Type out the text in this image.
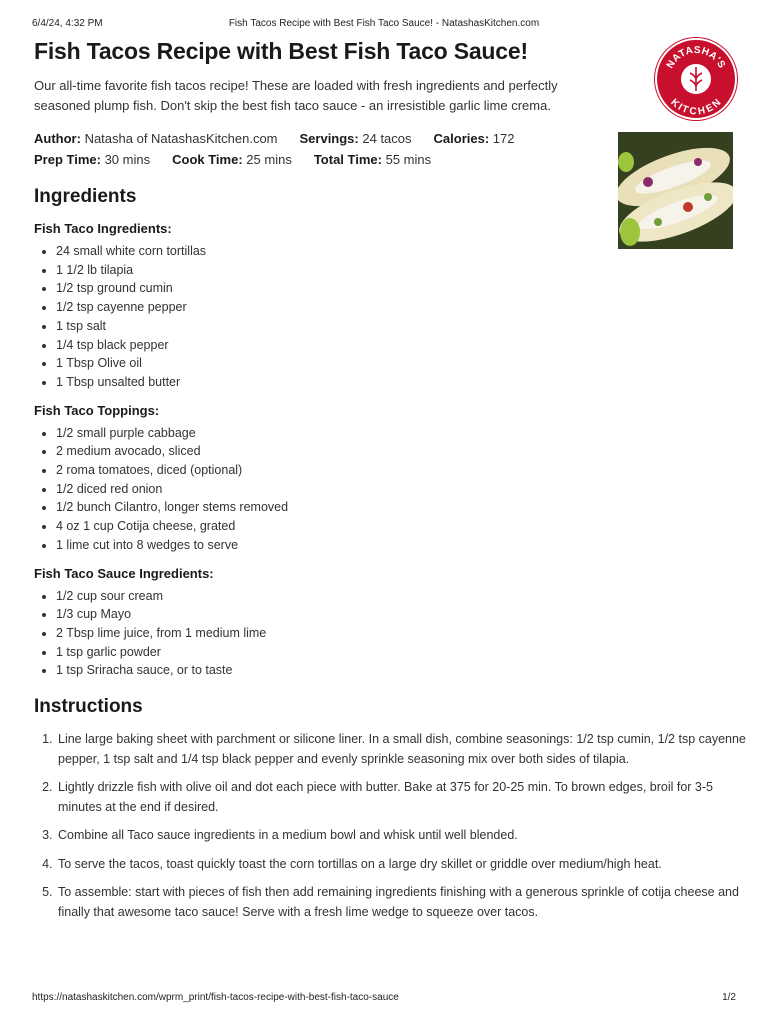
6/4/24, 4:32 PM	Fish Tacos Recipe with Best Fish Taco Sauce! - NatashasKitchen.com
NATASHA'S
KITCHEN
Fish Tacos Recipe with Best Fish Taco Sauce!
Our all-time favorite fish tacos recipe! These are loaded with fresh ingredients and perfectly seasoned plump fish. Don't skip the best fish taco sauce - an irresistible garlic lime crema.
Author: Natasha of NatashasKitchen.com Servings: 24 tacos Calories: 172
Prep Time: 30 mins Cook Time: 25 mins Total Time: 55 mins
Ingredients
Fish Taco Ingredients:
• 24 small white corn tortillas
• 1 1/2 lb tilapia
• 1/2 tsp ground cumin
• 1/2 tsp cayenne pepper
• 1 tsp salt
• 1/4 tsp black pepper
• 1 Tbsp Olive oil
• 1 Tbsp unsalted butter
Fish Taco Toppings:
• 1/2 small purple cabbage
• 2 medium avocado, sliced
• 2 roma tomatoes, diced (optional)
• 1/2 diced red onion
• 1/2 bunch Cilantro, longer stems removed
• 4 oz 1 cup Cotija cheese, grated
• 1 lime cut into 8 wedges to serve
Fish Taco Sauce Ingredients:
• 1/2 cup sour cream
• 1/3 cup Mayo
• 2 Tbsp lime juice, from 1 medium lime
• 1 tsp garlic powder
• 1 tsp Sriracha sauce, or to taste
Instructions
1. Line large baking sheet with parchment or silicone liner. In a small dish, combine seasonings: 1/2 tsp cumin, 1/2 tsp cayenne pepper, 1 tsp salt and 1/4 tsp black pepper and evenly sprinkle seasoning mix over both sides of tilapia.
2. Lightly drizzle fish with olive oil and dot each piece with butter. Bake at 375 for 20-25 min. To brown edges, broil for 3-5 minutes at the end if desired.
3. Combine all Taco sauce ingredients in a medium bowl and whisk until well blended.
4. To serve the tacos, toast quickly toast the corn tortillas on a large dry skillet or griddle over medium/high heat.
5. To assemble: start with pieces of fish then add remaining ingredients finishing with a generous sprinkle of cotija cheese and finally that awesome taco sauce! Serve with a fresh lime wedge to squeeze over tacos.
https://natashaskitchen.com/wprm_print/fish-tacos-recipe-with-best-fish-taco-sauce	1/2
